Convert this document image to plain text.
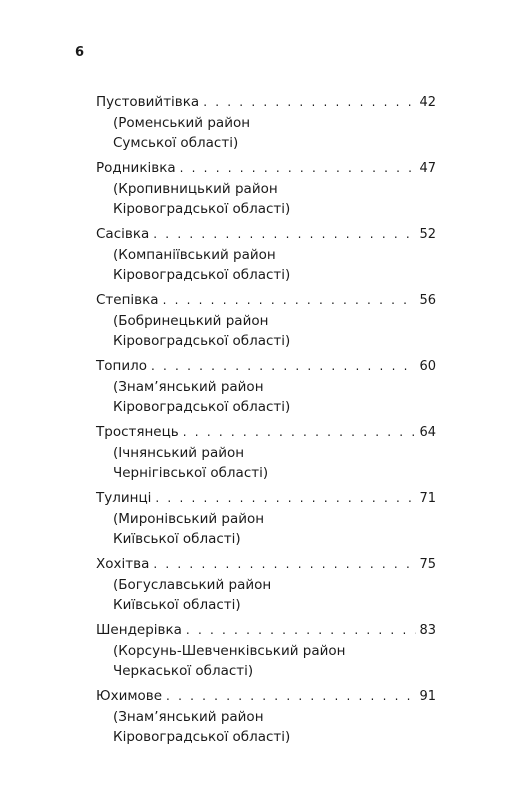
6
Пустовийтівка . . .	42
(Роменський район
Сумської області)
Родниківка . . .	47
(Кропивницький район
Кіровоградської області)
Сасівка . . .	52
(Компаніївський район
Кіровоградської області)
Степівка . . .	56
(Бобринецький район
Кіровоградської області)
Топило . . .	60
(Знам’янський район
Кіровоградської області)
Тростянець . . .	64
(Ічнянський район
Чернігівської області)
Тулинці . . .	71
(Миронівський район
Київської області)
Хохітва . . .	75
(Богуславський район
Київської області)
Шендерівка . . .	83
(Корсунь-Шевченківський район
Черкаської області)
Юхимове . . .	91
(Знам’янський район
Кіровоградської області)
